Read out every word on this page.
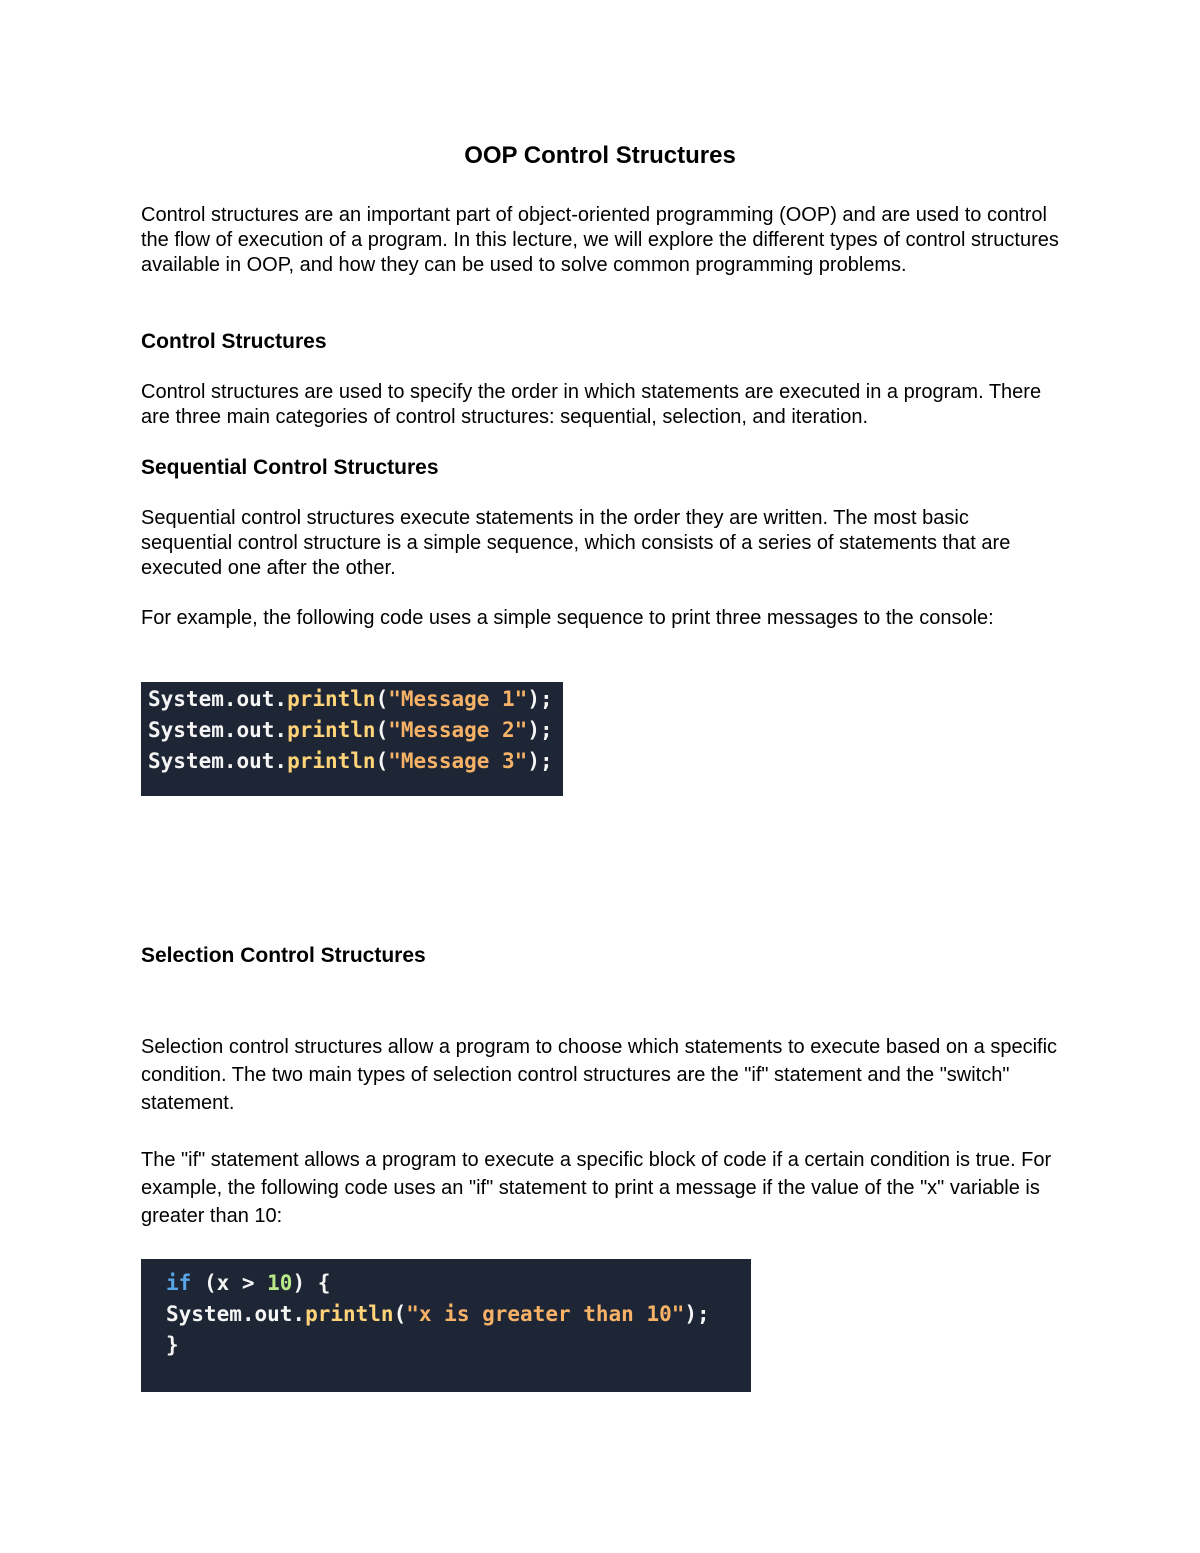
OOP Control Structures

Control structures are an important part of object-oriented programming (OOP) and are used to control the flow of execution of a program. In this lecture, we will explore the different types of control structures available in OOP, and how they can be used to solve common programming problems.

Control Structures

Control structures are used to specify the order in which statements are executed in a program. There are three main categories of control structures: sequential, selection, and iteration.

Sequential Control Structures

Sequential control structures execute statements in the order they are written. The most basic sequential control structure is a simple sequence, which consists of a series of statements that are executed one after the other.

For example, the following code uses a simple sequence to print three messages to the console:

System.out.println("Message 1");
System.out.println("Message 2");
System.out.println("Message 3");
Selection Control Structures

Selection control structures allow a program to choose which statements to execute based on a specific condition. The two main types of selection control structures are the "if" statement and the "switch" statement.

The "if" statement allows a program to execute a specific block of code if a certain condition is true. For example, the following code uses an "if" statement to print a message if the value of the "x" variable is greater than 10:

if (x > 10) {
System.out.println("x is greater than 10");
}
